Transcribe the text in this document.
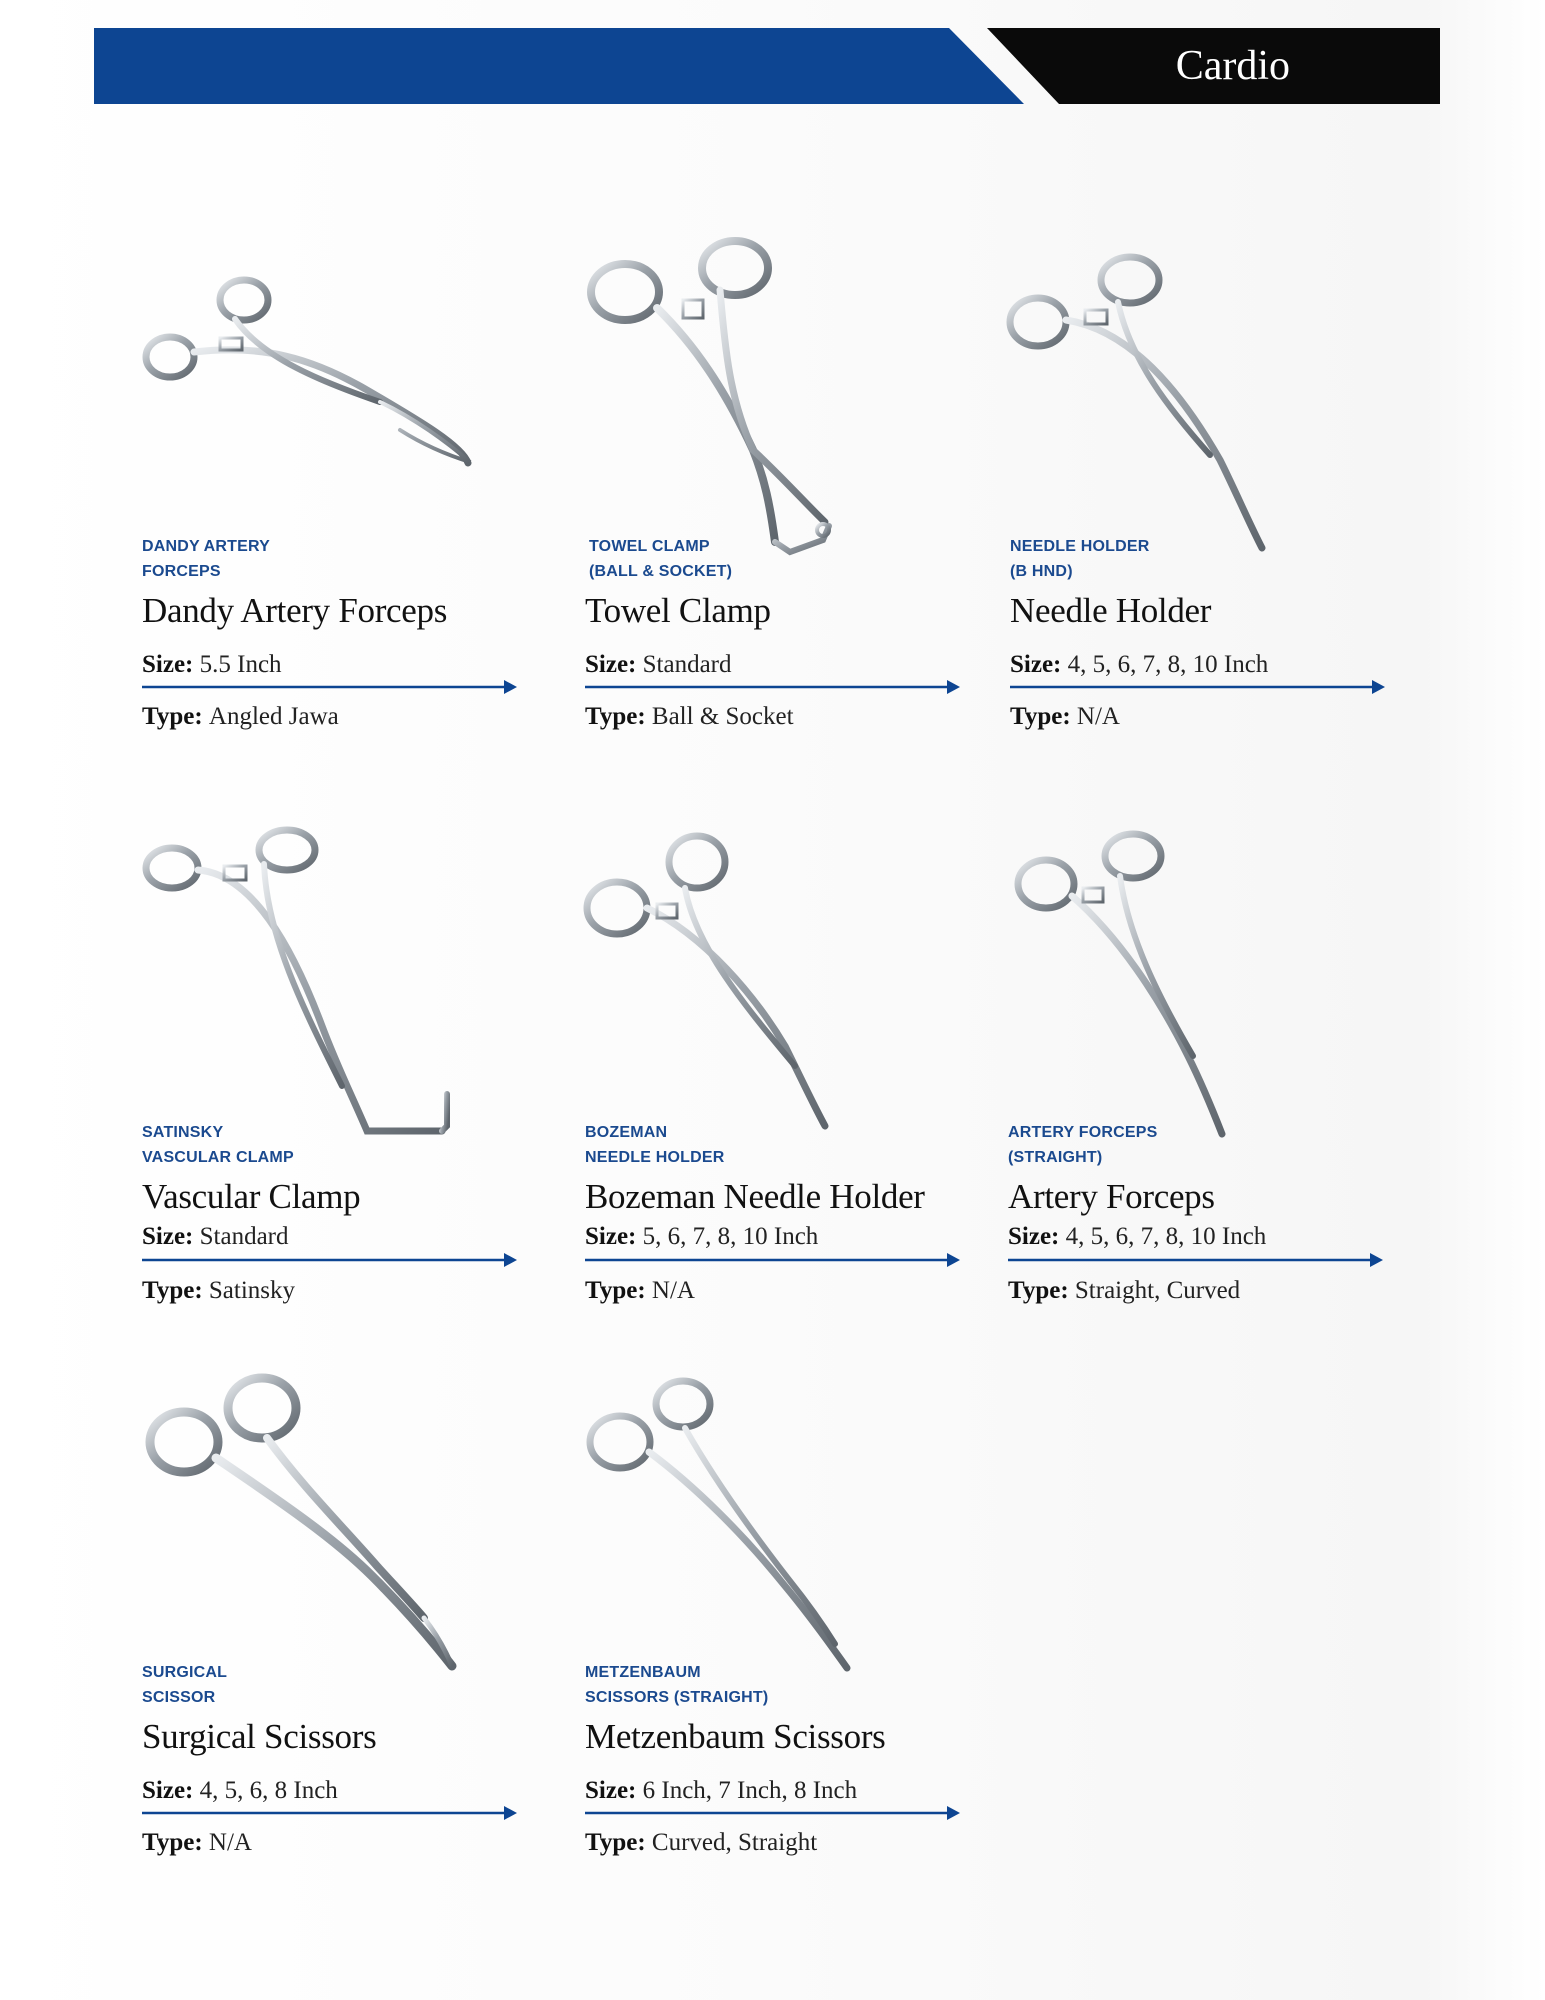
Cardio
DANDY ARTERY
FORCEPS
Dandy Artery Forceps
Size: 5.5 Inch
Type: Angled Jawa
TOWEL CLAMP
(BALL & SOCKET)
Towel Clamp
Size: Standard
Type: Ball & Socket
NEEDLE HOLDER
(B HND)
Needle Holder
Size: 4, 5, 6, 7, 8, 10 Inch
Type: N/A
SATINSKY
VASCULAR CLAMP
Vascular Clamp
Size: Standard
Type: Satinsky
BOZEMAN
NEEDLE HOLDER
Bozeman Needle Holder
Size: 5, 6, 7, 8, 10 Inch
Type: N/A
ARTERY FORCEPS
(STRAIGHT)
Artery Forceps
Size: 4, 5, 6, 7, 8, 10 Inch
Type: Straight, Curved
SURGICAL
SCISSOR
Surgical Scissors
Size: 4, 5, 6, 8 Inch
Type: N/A
METZENBAUM
SCISSORS (STRAIGHT)
Metzenbaum Scissors
Size: 6 Inch, 7 Inch, 8 Inch
Type: Curved, Straight
